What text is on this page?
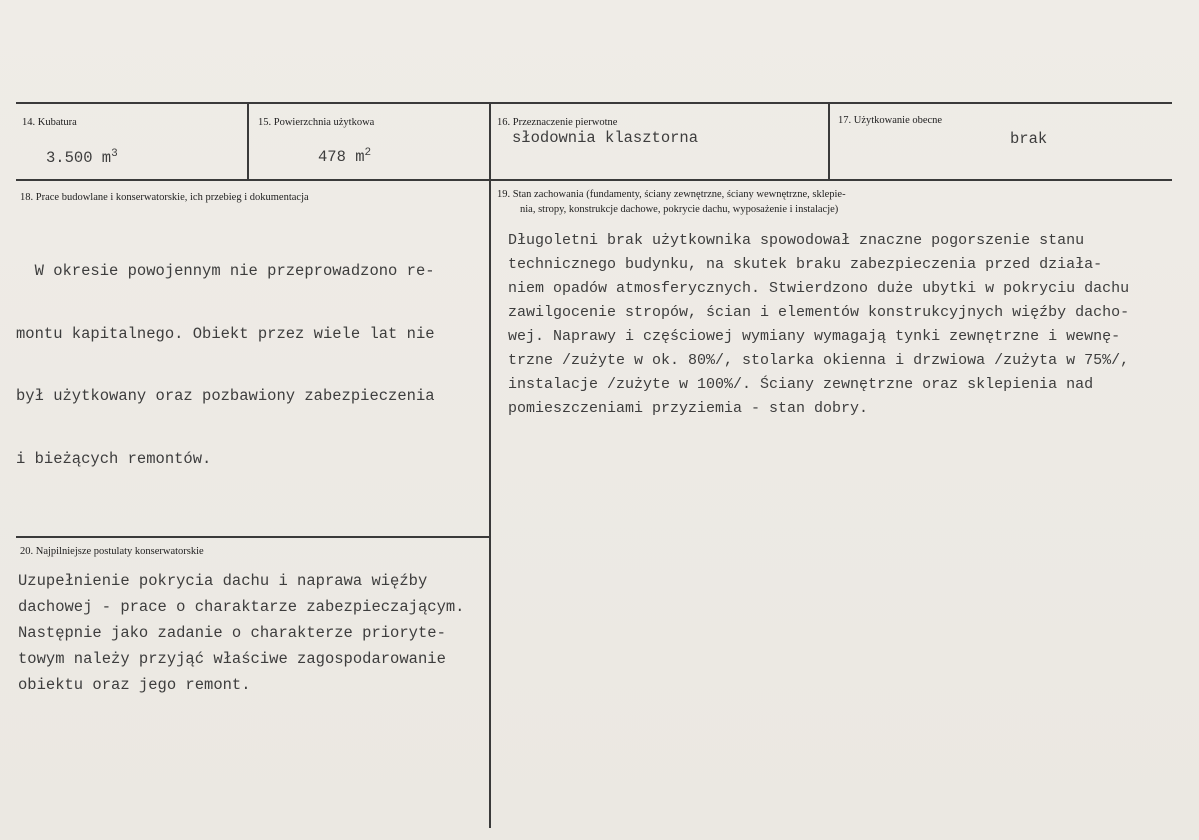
14. Kubatura
3.500 $m^3$
15. Powierzchnia użytkowa
478 $m^2$
16. Przeznaczenie pierwotne
słodownia klasztorna
17. Użytkowanie obecne
brak
18. Prace budowlane i konserwatorskie, ich przebieg i dokumentacja

W okresie powojennym nie przeprowadzono re-

montu kapitalnego. Obiekt przez wiele lat nie

był użytkowany oraz pozbawiony zabezpieczenia

i bieżących remontów.

19. Stan zachowania (fundamenty, ściany zewnętrzne, ściany wewnętrzne, sklepie-
nia, stropy, konstrukcje dachowe, pokrycie dachu, wyposażenie i instalacje)
Długoletni brak użytkownika spowodował znaczne pogorszenie stanu
technicznego budynku, na skutek braku zabezpieczenia przed działa-
niem opadów atmosferycznych. Stwierdzono duże ubytki w pokryciu dachu
zawilgocenie stropów, ścian i elementów konstrukcyjnych więźby dacho-
wej. Naprawy i częściowej wymiany wymagają tynki zewnętrzne i wewnę-
trzne /zużyte w ok. 80%/, stolarka okienna i drzwiowa /zużyta w 75%/,
instalacje /zużyte w 100%/. Ściany zewnętrzne oraz sklepienia nad
pomieszczeniami przyziemia - stan dobry.
20. Najpilniejsze postulaty konserwatorskie
Uzupełnienie pokrycia dachu i naprawa więźby
dachowej - prace o charaktarze zabezpieczającym.
Następnie jako zadanie o charakterze prioryte-
towym należy przyjąć właściwe zagospodarowanie
obiektu oraz jego remont.
